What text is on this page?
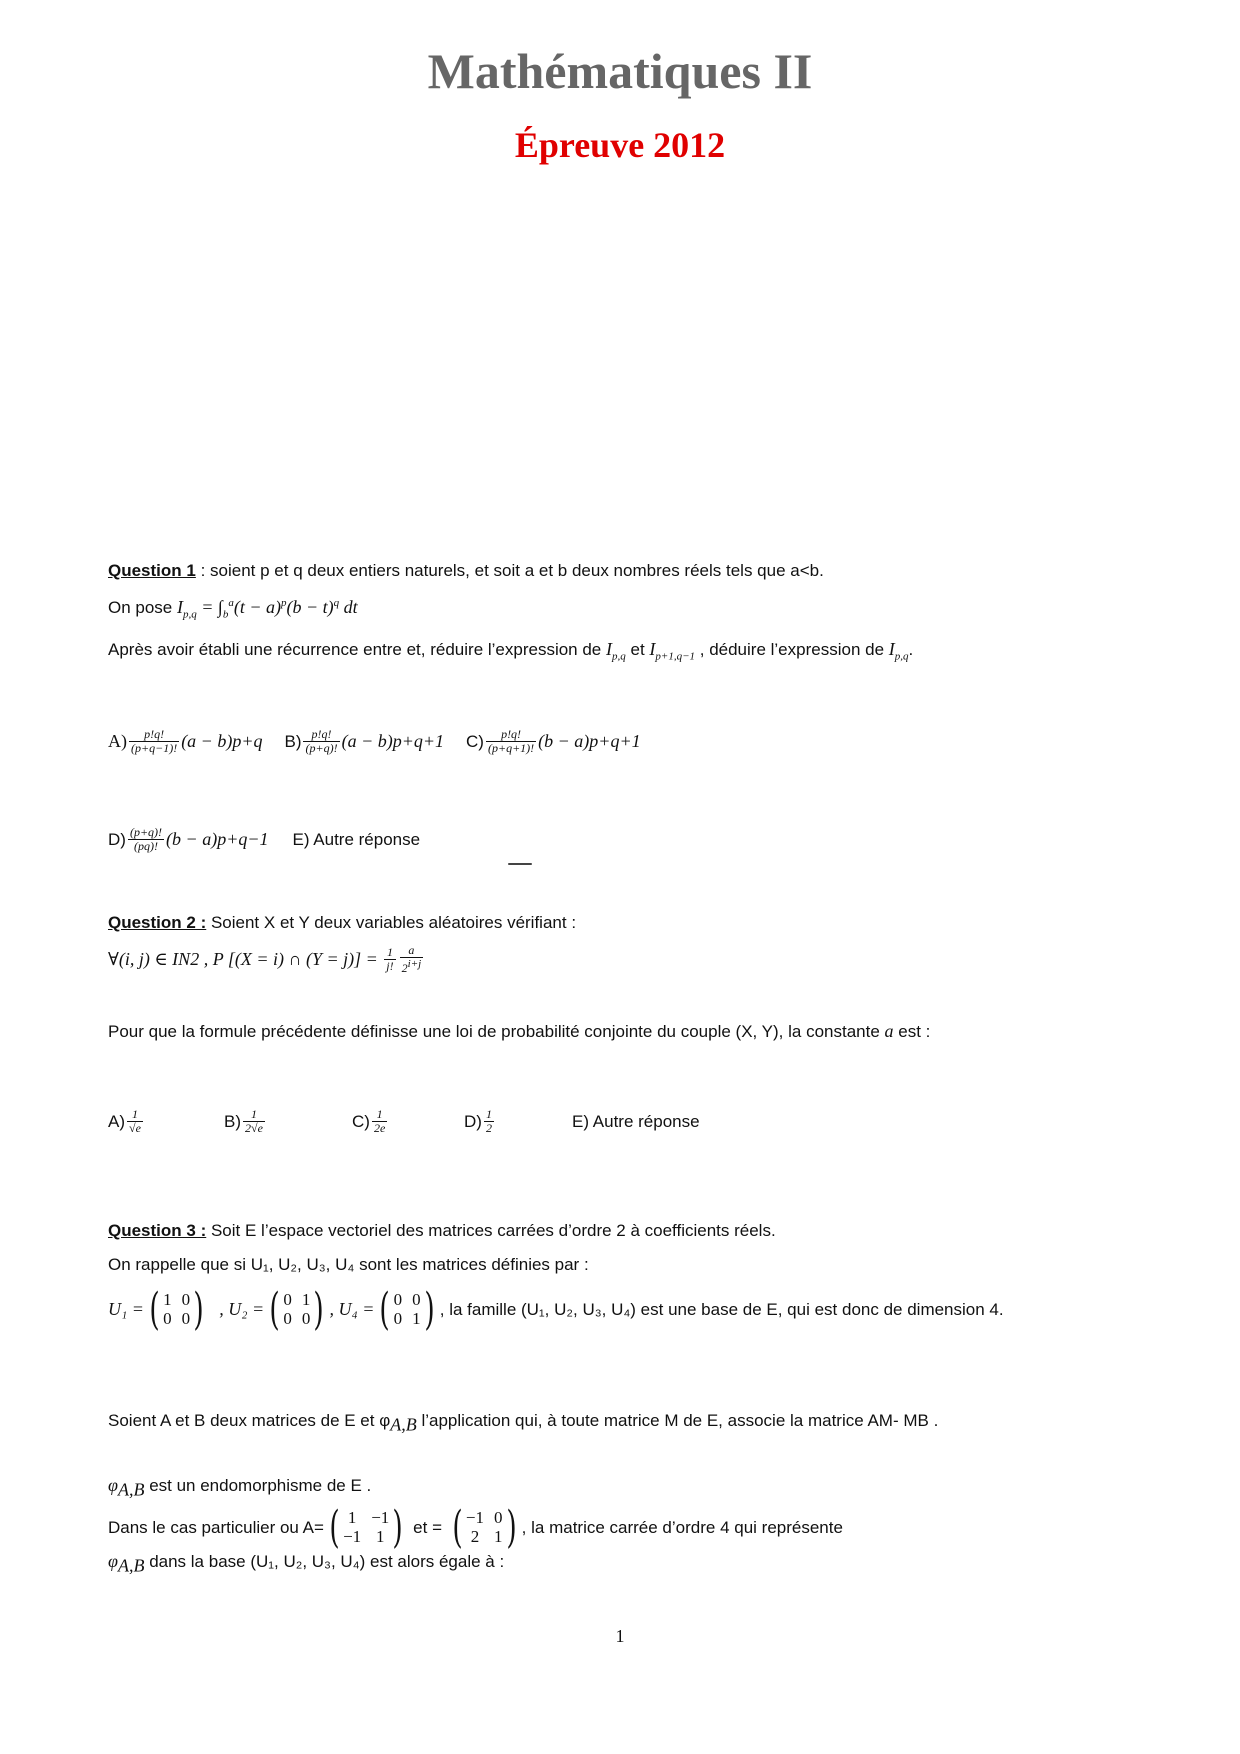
Mathématiques II
Épreuve 2012
Question 1 : soient p et q deux entiers naturels, et soit a et b deux nombres réels tels que a<b.
On pose $I_{p,q} = \int_b^a(t - a)^p(b - t)^q$ dt
Après avoir établi une récurrence entre et, réduire l’expression de $I_{p,q}$ et $I_{p+1,q-1}$ , déduire l’expression de $I_{p,q}$.
$A) \frac{p!q!}{(p+q-1)!} (a - b)$ p+q $B) \frac{p!q!}{(p+q)!} (a - b)$ p+q+1 $C) \frac{p!q!}{(p+q+1)!} (b - a)$ p+q+1
$D) \frac{(p+q)!}{(pq)!} (b - a)$ p+q−1 E) Autre réponse
Question 2 : Soient X et Y deux variables aléatoires vérifiant :
∀(i, j) ∈ IN 2 , P [(X = i) ∩ $(Y = j)] = \frac{1}{j!} \frac{a}{2^{i+j}}$
Pour que la formule précédente définisse une loi de probabilité conjointe du couple (X, Y), la constante a est :
$A) \frac{1}{√e}$	$B) \frac{1}{2√e}$	$C) \frac{1}{2e}$	$D) \frac{1}{2}$	E) Autre réponse
Question 3 : Soit E l’espace vectoriel des matrices carrées d’ordre 2 à coefficients réels.
On rappelle que si U₁, U₂, U₃, U₄ sont les matrices définies par :
U₁ = ( 1 0
0 0 ) , U₂ = ( 0 1
0 0 ) , U₄ = ( 0 0
0 1 ) , la famille (U₁, U₂, U₃, U₄) est une base de E, qui est donc de dimension 4.
Soient A et B deux matrices de E et $\varphi_{A,B}$ l’application qui, à toute matrice M de E, associe la matrice AM- MB .
$\varphi_{A,B}$ est un endomorphisme de E .
Dans le cas particulier ou A= ( 1 −1
−1 1 ) et = ( −1 0
2 1 ) , la matrice carrée d’ordre 4 qui représente
$\varphi_{A,B}$ dans la base (U₁, U₂, U₃, U₄) est alors égale à :
1
